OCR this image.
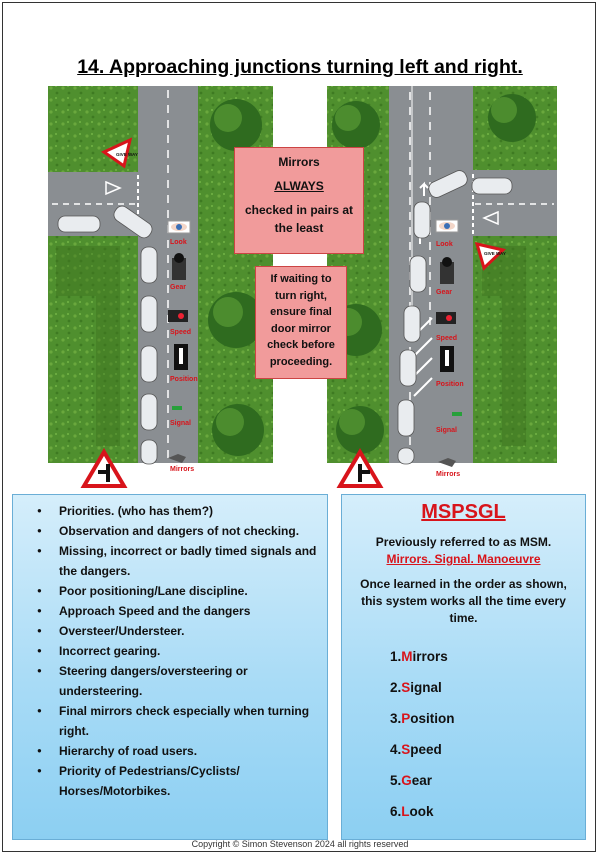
14. Approaching junctions turning left and right.
Look
Gear
Speed
Position
Signal
Mirrors
GIVE WAY
Look
Gear
Speed
Position
Signal
Mirrors
GIVE WAY
Mirrors
ALWAYS
checked in pairs at the least
If waiting to turn right, ensure final door mirror check before proceeding.
● Priorities. (who has them?)
● Observation and dangers of not checking.
● Missing, incorrect or badly timed signals and the dangers.
● Poor positioning/Lane discipline.
● Approach Speed and the dangers
● Oversteer/Understeer.
● Incorrect gearing.
● Steering dangers/oversteering or understeering.
● Final mirrors check especially when turning right.
● Hierarchy of road users.
● Priority of Pedestrians/Cyclists/ Horses/Motorbikes.
MSPSGL
Previously referred to as MSM.
Mirrors. Signal. Manoeuvre
Once learned in the order as shown, this system works all the time every time.
1.Mirrors
2.Signal
3.Position
4.Speed
5.Gear
6.Look
Copyright © Simon Stevenson 2024 all rights reserved
